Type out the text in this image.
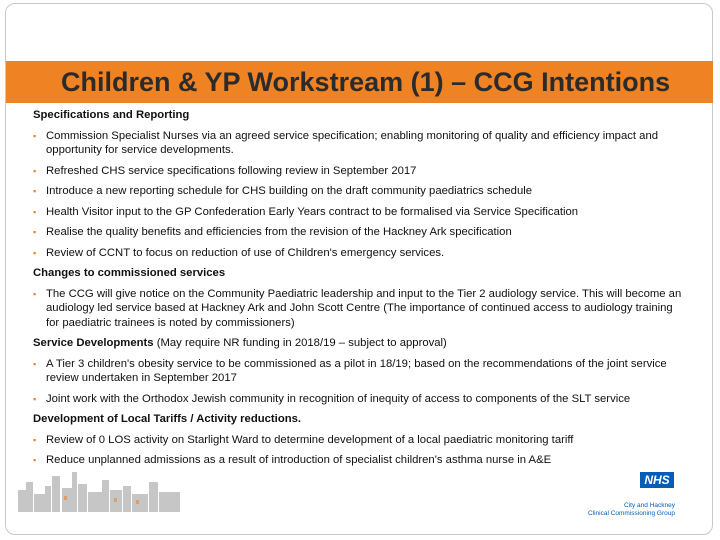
Children & YP Workstream (1) – CCG Intentions
Specifications and Reporting
▪ Commission Specialist Nurses via an agreed service specification; enabling monitoring of quality and efficiency impact and opportunity for service developments.
▪ Refreshed CHS service specifications following review in September 2017
▪ Introduce a new reporting schedule for CHS building on the draft community paediatrics schedule
▪ Health Visitor input to the GP Confederation Early Years contract to be formalised via Service Specification
▪ Realise the quality benefits and efficiencies from the revision of the Hackney Ark specification
▪ Review of CCNT to focus on reduction of use of Children's emergency services.
Changes to commissioned services
▪ The CCG will give notice on the Community Paediatric leadership and input to the Tier 2 audiology service. This will become an audiology led service based at Hackney Ark and John Scott Centre (The importance of continued access to audiology training for paediatric trainees is noted by commissioners)
Service Developments (May require NR funding in 2018/19 – subject to approval)
▪ A Tier 3 children's obesity service to be commissioned as a pilot in 18/19; based on the recommendations of the joint service review undertaken in September 2017
▪ Joint work with the Orthodox Jewish community in recognition of inequity of access to components of the SLT service
Development of Local Tariffs / Activity reductions.
▪ Review of 0 LOS activity on Starlight Ward to determine development of a local paediatric monitoring tariff
▪ Reduce unplanned admissions as a result of introduction of specialist children's asthma nurse in A&E
NHS
City and Hackney
Clinical Commissioning Group
